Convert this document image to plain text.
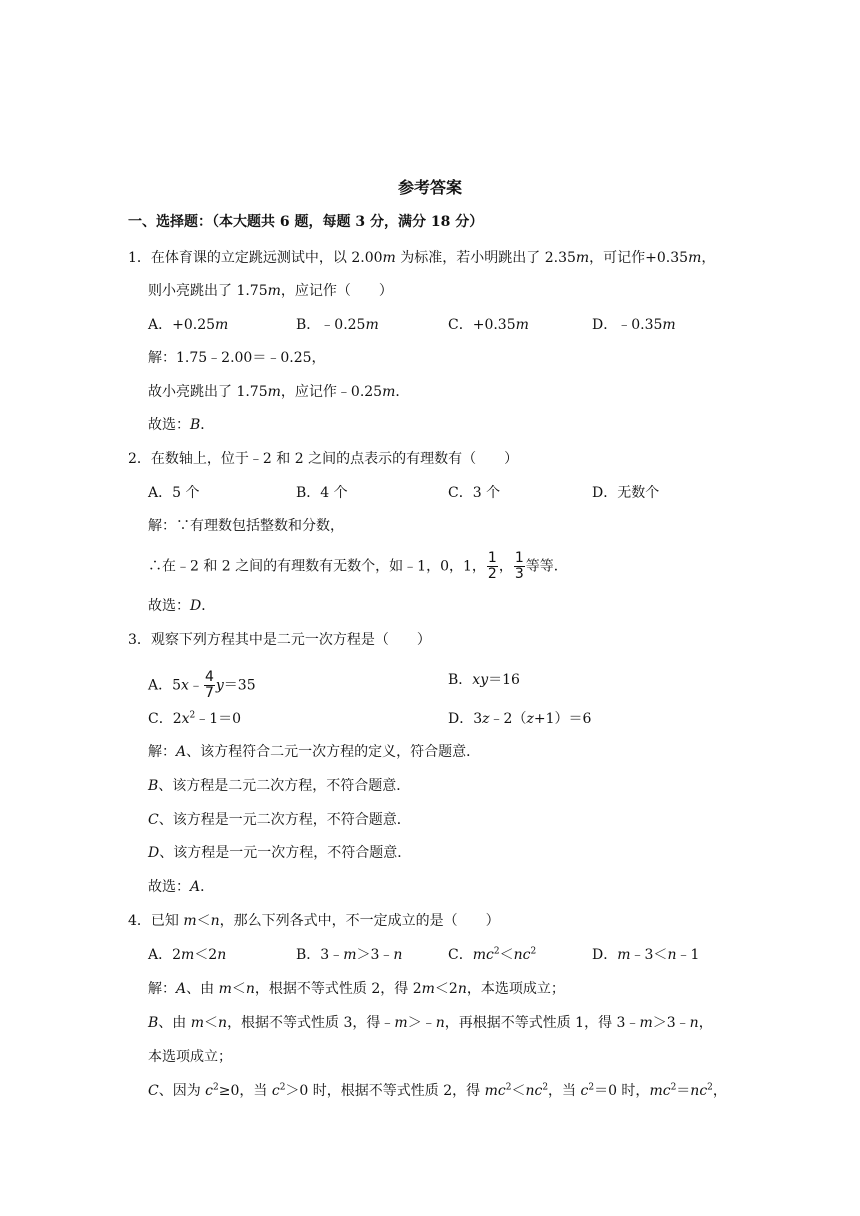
参考答案
一、选择题：（本大题共 6 题，每题 3 分，满分 18 分）
1．在体育课的立定跳远测试中，以 2.00m 为标准，若小明跳出了 2.35m，可记作+0.35m，
则小亮跳出了 1.75m，应记作（　　）
A．+0.25m	B．﹣0.25m	C．+0.35m	D．﹣0.35m
解：1.75﹣2.00＝﹣0.25，
故小亮跳出了 1.75m，应记作﹣0.25m．
故选：B．
2．在数轴上，位于﹣2 和 2 之间的点表示的有理数有（　　）
A．5 个	B．4 个	C．3 个	D．无数个
解：∵有理数包括整数和分数，
∴在﹣2 和 2 之间的有理数有无数个，如﹣1，0，1， $\frac{1}{2}$ ， $\frac{1}{3}$ 等等．
故选：D．
3．观察下列方程其中是二元一次方程是（　　）
A．5x﹣ $\frac{4}{7} y=35$	B．xy＝16
C．$2x^2﹣1=0$	D．3z﹣2（z+1）＝6
解：A、该方程符合二元一次方程的定义，符合题意．
B、该方程是二元二次方程，不符合题意．
C、该方程是一元二次方程，不符合题意．
D、该方程是一元一次方程，不符合题意．
故选：A．
4．已知 m＜n，那么下列各式中，不一定成立的是（　　）
A．2m＜2n	B．3﹣m＞3﹣n	C．$mc^2<nc^2$	D．m﹣3＜n﹣1
解：A、由 m＜n，根据不等式性质 2，得 2m＜2n，本选项成立；
B、由 m＜n，根据不等式性质 3，得﹣m＞﹣n，再根据不等式性质 1，得 3﹣m＞3﹣n，
本选项成立；
C、因为 $c^2\ge 0$，当 $c^2>0$ 时，根据不等式性质 2，得 $mc^2<nc^2$，当 $c^2=0$ 时，$mc^2=nc^2$，
